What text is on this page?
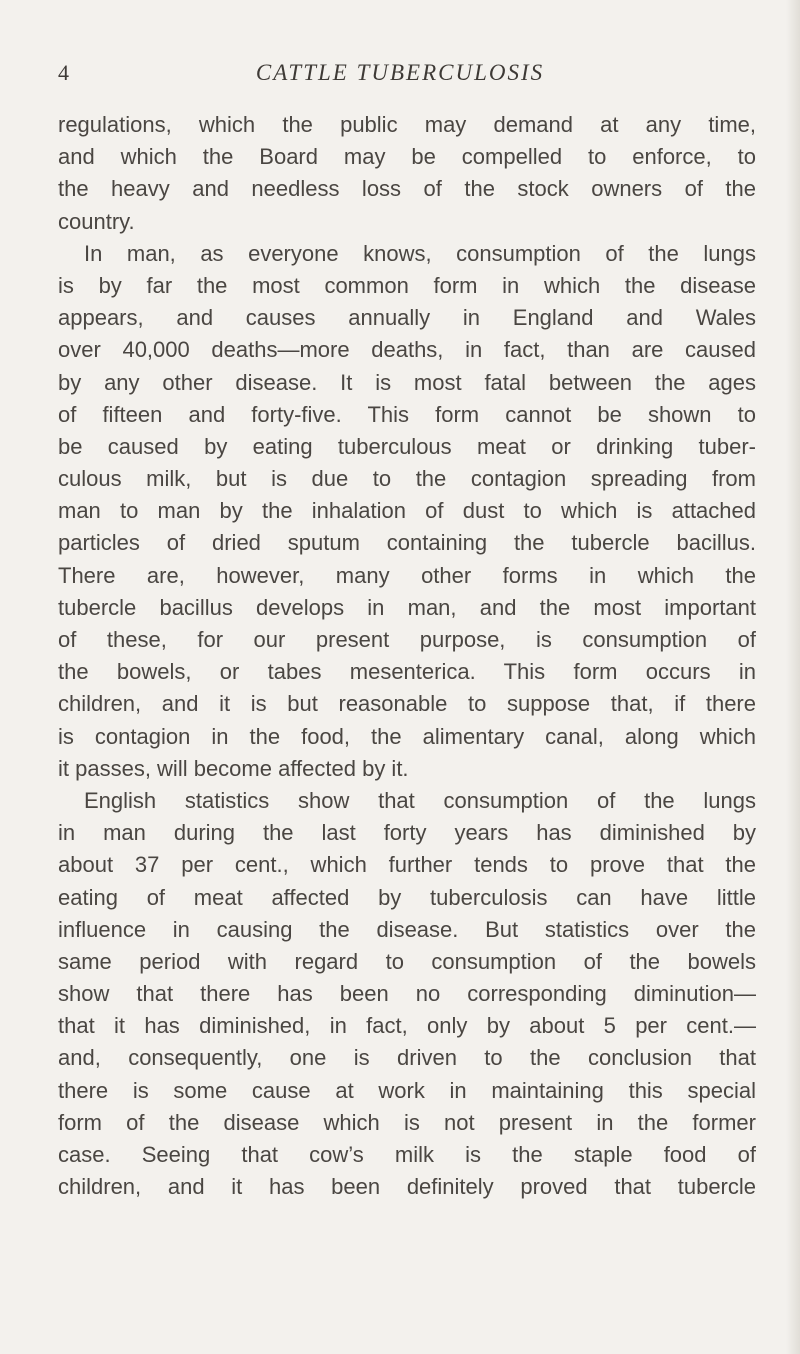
4	CATTLE TUBERCULOSIS
regulations, which the public may demand at any time,
and which the Board may be compelled to enforce, to
the heavy and needless loss of the stock owners of the
country.
In man, as everyone knows, consumption of the lungs
is by far the most common form in which the disease
appears, and causes annually in England and Wales
over 40,000 deaths—more deaths, in fact, than are caused
by any other disease. It is most fatal between the ages
of fifteen and forty-five. This form cannot be shown to
be caused by eating tuberculous meat or drinking tuber-
culous milk, but is due to the contagion spreading from
man to man by the inhalation of dust to which is attached
particles of dried sputum containing the tubercle bacillus.
There are, however, many other forms in which the
tubercle bacillus develops in man, and the most important
of these, for our present purpose, is consumption of
the bowels, or tabes mesenterica. This form occurs in
children, and it is but reasonable to suppose that, if there
is contagion in the food, the alimentary canal, along which
it passes, will become affected by it.
English statistics show that consumption of the lungs
in man during the last forty years has diminished by
about 37 per cent., which further tends to prove that the
eating of meat affected by tuberculosis can have little
influence in causing the disease. But statistics over the
same period with regard to consumption of the bowels
show that there has been no corresponding diminution—
that it has diminished, in fact, only by about 5 per cent.—
and, consequently, one is driven to the conclusion that
there is some cause at work in maintaining this special
form of the disease which is not present in the former
case. Seeing that cow’s milk is the staple food of
children, and it has been definitely proved that tubercle
